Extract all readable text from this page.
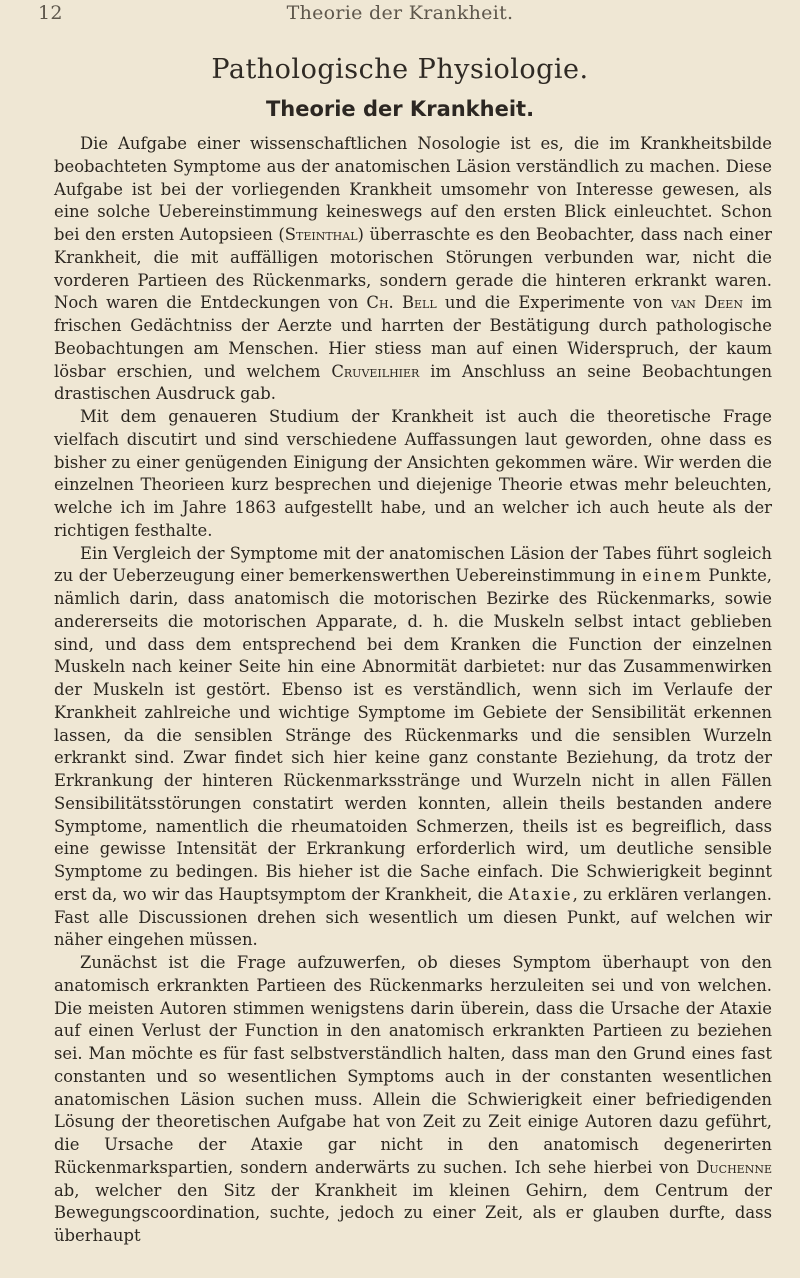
12	Theorie der Krankheit.
Pathologische Physiologie.
Theorie der Krankheit.

Die Aufgabe einer wissenschaftlichen Nosologie ist es, die im Krankheitsbilde beobachteten Symptome aus der anatomischen Läsion verständlich zu machen. Diese Aufgabe ist bei der vorliegenden Krankheit umsomehr von Interesse gewesen, als eine solche Uebereinstimmung keineswegs auf den ersten Blick einleuchtet. Schon bei den ersten Autopsieen (Steinthal) überraschte es den Beobachter, dass nach einer Krankheit, die mit auffälligen motorischen Störungen verbunden war, nicht die vorderen Partieen des Rückenmarks, sondern gerade die hinteren erkrankt waren. Noch waren die Entdeckungen von Ch. Bell und die Experimente von van Deen im frischen Gedächtniss der Aerzte und harrten der Bestätigung durch pathologische Beobachtungen am Menschen. Hier stiess man auf einen Widerspruch, der kaum lösbar erschien, und welchem Cruveilhier im Anschluss an seine Beobachtungen drastischen Ausdruck gab.

Mit dem genaueren Studium der Krankheit ist auch die theoretische Frage vielfach discutirt und sind verschiedene Auffassungen laut geworden, ohne dass es bisher zu einer genügenden Einigung der Ansichten gekommen wäre. Wir werden die einzelnen Theorieen kurz besprechen und diejenige Theorie etwas mehr beleuchten, welche ich im Jahre 1863 aufgestellt habe, und an welcher ich auch heute als der richtigen festhalte.

Ein Vergleich der Symptome mit der anatomischen Läsion der Tabes führt sogleich zu der Ueberzeugung einer bemerkenswerthen Uebereinstimmung in einem Punkte, nämlich darin, dass anatomisch die motorischen Bezirke des Rückenmarks, sowie andererseits die motorischen Apparate, d. h. die Muskeln selbst intact geblieben sind, und dass dem entsprechend bei dem Kranken die Function der einzelnen Muskeln nach keiner Seite hin eine Abnormität darbietet: nur das Zusammenwirken der Muskeln ist gestört. Ebenso ist es verständlich, wenn sich im Verlaufe der Krankheit zahlreiche und wichtige Symptome im Gebiete der Sensibilität erkennen lassen, da die sensiblen Stränge des Rückenmarks und die sensiblen Wurzeln erkrankt sind. Zwar findet sich hier keine ganz constante Beziehung, da trotz der Erkrankung der hinteren Rückenmarksstränge und Wurzeln nicht in allen Fällen Sensibilitätsstörungen constatirt werden konnten, allein theils bestanden andere Symptome, namentlich die rheumatoiden Schmerzen, theils ist es begreiflich, dass eine gewisse Intensität der Erkrankung erforderlich wird, um deutliche sensible Symptome zu bedingen. Bis hieher ist die Sache einfach. Die Schwierigkeit beginnt erst da, wo wir das Hauptsymptom der Krankheit, die Ataxie, zu erklären verlangen. Fast alle Discussionen drehen sich wesentlich um diesen Punkt, auf welchen wir näher eingehen müssen.

Zunächst ist die Frage aufzuwerfen, ob dieses Symptom überhaupt von den anatomisch erkrankten Partieen des Rückenmarks herzuleiten sei und von welchen. Die meisten Autoren stimmen wenigstens darin überein, dass die Ursache der Ataxie auf einen Verlust der Function in den anatomisch erkrankten Partieen zu beziehen sei. Man möchte es für fast selbstverständlich halten, dass man den Grund eines fast constanten und so wesentlichen Symptoms auch in der constanten wesentlichen anatomischen Läsion suchen muss. Allein die Schwierigkeit einer befriedigenden Lösung der theoretischen Aufgabe hat von Zeit zu Zeit einige Autoren dazu geführt, die Ursache der Ataxie gar nicht in den anatomisch degenerirten Rückenmarkspartien, sondern anderwärts zu suchen. Ich sehe hierbei von Duchenne ab, welcher den Sitz der Krankheit im kleinen Gehirn, dem Centrum der Bewegungscoordination, suchte, jedoch zu einer Zeit, als er glauben durfte, dass überhaupt
